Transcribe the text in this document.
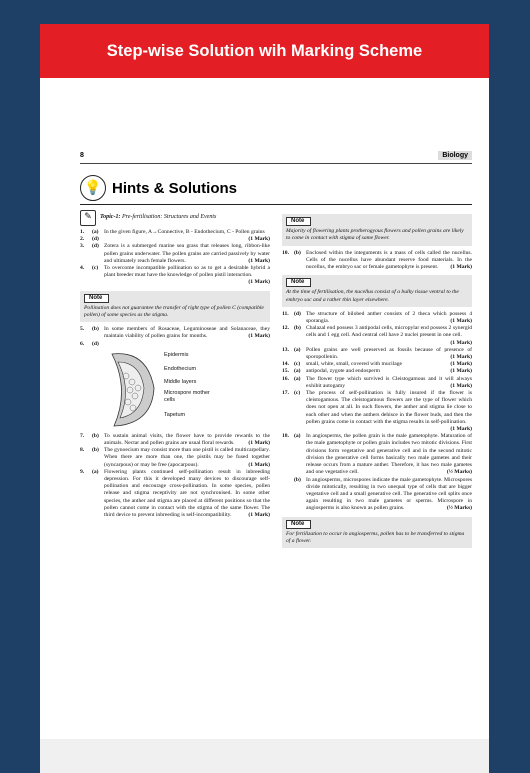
Step-wise Solution wih Marking Scheme
8	Biology
💡 Hints & Solutions
✎	Topic-1: Pre-fertilisation: Structures and Events
1.	(a) In the given figure, A→Connective, B - Endothecium, C - Pollen grains
2.	(d)	(1 Mark)
3.	(d) Zotera is a submerged marine sea grass that releases long, ribbon-like pollen grains underwater. The pollen grains are carried passively by water and ultimately reach female flowers.	(1 Mark)
4.	(c)	To overcome incompatible pollination so as to get a desirable hybrid a plant breeder must have the knowledge of pollen pistil interaction.
(1 Mark)
Note
Pollination does not guarantee the transfer of right type of pollen C (compatible pollen) of some species as the stigma.
5.	(b) In some members of Rosaceae, Leguminoseae and Solanaceae, they maintain viability of pollen grains for months.	(1 Mark)
6.	(d)
Epidermis
Endothecium
Middle layers
Microspore mother cells
Tapetum
7.	(b) To sustain animal visits, the flower have to provide rewards to the animals. Nectar and pollen grains are usual floral rewards. (1 Mark)
8.	(b) The gynoecium may consist more than one pistil is called multicarpellary. When there are more than one, the pistils may be fused together (syncarpous) or may be free (apocarpous).	(1 Mark)
9.	(a) Flowering plants continued self-pollination result in inbreeding depression. For this it developed many devices to discourage self-pollination and encourage cross-pollination. In some species, pollen release and stigma receptivity are not synchronised. In some other species, the anther and stigma are placed at different positions so that the pollen cannot come in contact with the stigma of the same flower. The third device to prevent inbreeding is self-incompatibility.	(1 Mark)
Note
Majority of flowering plants protherogyous flowers and pollen grains are likely to come in contact with stigma of same flower.
10. (b) Enclosed within the integuments is a mass of cells called the nucellus. Cells of the nucellus have abundant reserve food materials. In the nucellus, the embryo sac or female gametophyte is present. (1 Mark)
Note
At the time of fertilisation, the nucellus consist of a bulky tissue ventral to the embryo sac and a rather thin layer elsewhere.
11. (d) The structure of bilobed anther consists of 2 theca which possess 4 sporangia.	(1 Mark)
12. (b) Chalazal end possess 3 antipodal cells, micropylar end possess 2 synergid cells and 1 egg cell. And central cell have 2 nuclei present in one cell.
(1 Mark)
13. (a) Pollen grains are well preserved as fossils because of presence of sporopollenin.	(1 Mark)
14. (c)	small, white, small, covered with mucilage	(1 Mark)
15. (a) antipodal, zygote and endosperm	(1 Mark)
16. (a) The flower type which survived is Cleistogamous and it will always exhibit autogamy	(1 Mark)
17. (c)	The process of self-pollination is fully insured if the flower is cleistogamous. The cleistogamous flowers are the type of flower which does not open at all. In such flowers, the anther and stigma lie close to each other and when the anthers dehisce in the flower buds, and then the pollen grains come in contact with the stigma results in self-pollination.
(1 Mark)
18. (a) In angiosperms, the pollen grain is the male gametophyte. Maturation of the male gametophyte or pollen grain includes two mitotic divisions. First divisions form vegetative and generative cell and in the second mitotic division the generative cell forms basically two male gametes and their release occurs from a mature anther. Therefore, it has two male gametes and one vegetative cell.	(½ Marks)
(b) In angiosperms, microspores indicate the male gametophyte. Microspores divide mitotically, resulting in two unequal type of cells that are bigger vegetative cell and a small generative cell. The generative cell splits once again resulting in two male gametes or sperms. Microspore in angiosperms is also known as pollen grains.	(½ Marks)
Note
For fertilization to occur in angiosperms, pollen has to be transferred to stigma of a flower.
